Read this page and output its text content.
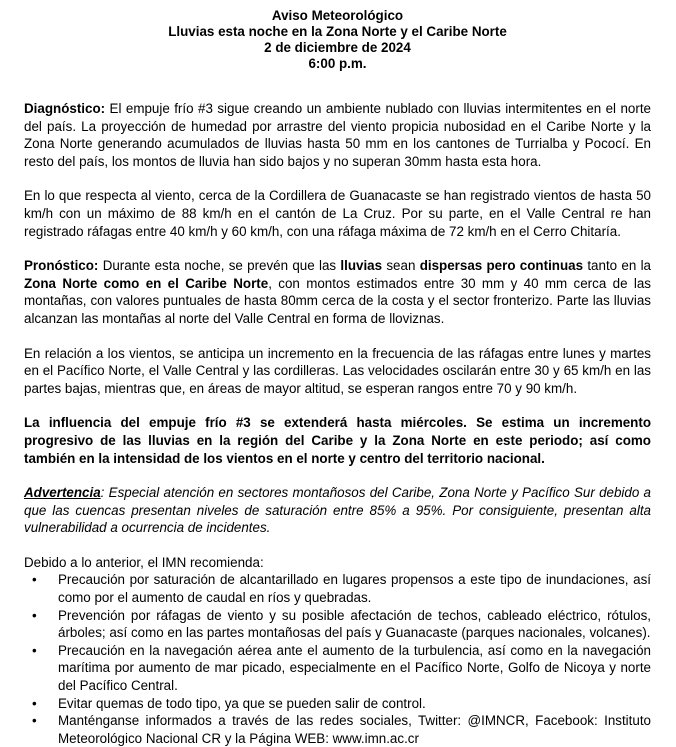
Aviso Meteorológico
Lluvias esta noche en la Zona Norte y el Caribe Norte
2 de diciembre de 2024
6:00 p.m.

Diagnóstico: El empuje frío #3 sigue creando un ambiente nublado con lluvias intermitentes en el norte del país. La proyección de humedad por arrastre del viento propicia nubosidad en el Caribe Norte y la Zona Norte generando acumulados de lluvias hasta 50 mm en los cantones de Turrialba y Pococí. En resto del país, los montos de lluvia han sido bajos y no superan 30mm hasta esta hora.

En lo que respecta al viento, cerca de la Cordillera de Guanacaste se han registrado vientos de hasta 50 km/h con un máximo de 88 km/h en el cantón de La Cruz. Por su parte, en el Valle Central re han registrado ráfagas entre 40 km/h y 60 km/h, con una ráfaga máxima de 72 km/h en el Cerro Chitaría.

Pronóstico: Durante esta noche, se prevén que las lluvias sean dispersas pero continuas tanto en la Zona Norte como en el Caribe Norte, con montos estimados entre 30 mm y 40 mm cerca de las montañas, con valores puntuales de hasta 80mm cerca de la costa y el sector fronterizo. Parte las lluvias alcanzan las montañas al norte del Valle Central en forma de lloviznas.

En relación a los vientos, se anticipa un incremento en la frecuencia de las ráfagas entre lunes y martes en el Pacífico Norte, el Valle Central y las cordilleras. Las velocidades oscilarán entre 30 y 65 km/h en las partes bajas, mientras que, en áreas de mayor altitud, se esperan rangos entre 70 y 90 km/h.

La influencia del empuje frío #3 se extenderá hasta miércoles. Se estima un incremento progresivo de las lluvias en la región del Caribe y la Zona Norte en este periodo; así como también en la intensidad de los vientos en el norte y centro del territorio nacional.

Advertencia: Especial atención en sectores montañosos del Caribe, Zona Norte y Pacífico Sur debido a que las cuencas presentan niveles de saturación entre 85% a 95%. Por consiguiente, presentan alta vulnerabilidad a ocurrencia de incidentes.

Debido a lo anterior, el IMN recomienda:

• Precaución por saturación de alcantarillado en lugares propensos a este tipo de inundaciones, así como por el aumento de caudal en ríos y quebradas.
• Prevención por ráfagas de viento y su posible afectación de techos, cableado eléctrico, rótulos, árboles; así como en las partes montañosas del país y Guanacaste (parques nacionales, volcanes).
• Precaución en la navegación aérea ante el aumento de la turbulencia, así como en la navegación marítima por aumento de mar picado, especialmente en el Pacífico Norte, Golfo de Nicoya y norte del Pacífico Central.
• Evitar quemas de todo tipo, ya que se pueden salir de control.
• Manténganse informados a través de las redes sociales, Twitter: @IMNCR, Facebook: Instituto Meteorológico Nacional CR y la Página WEB: www.imn.ac.cr
